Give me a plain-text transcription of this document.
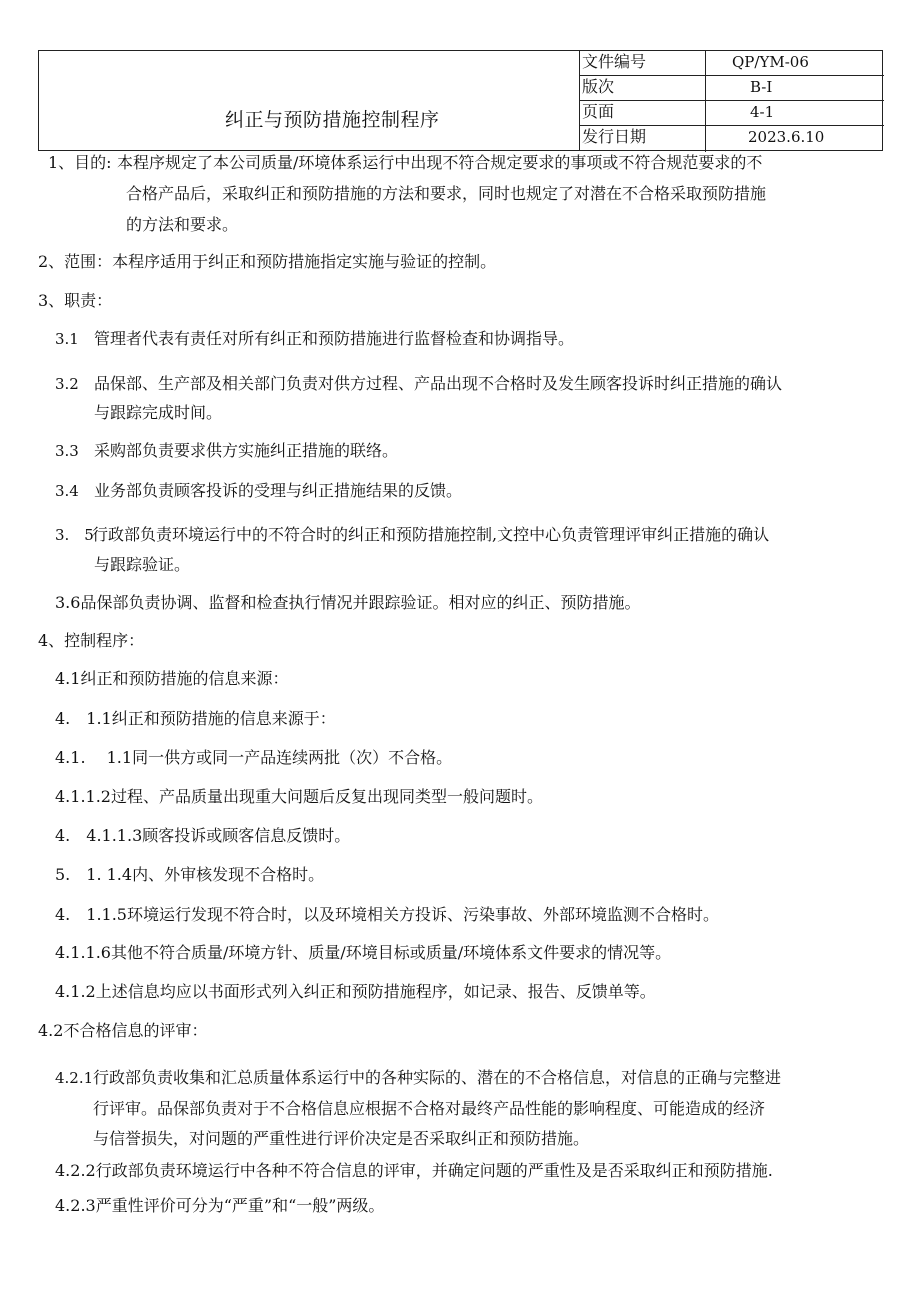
纠正与预防措施控制程序
文件编号	QP/YM-06
版次	B-I
页面	4-1
发行日期	2023.6.10
1、目的: 本程序规定了本公司质量/环境体系运行中出现不符合规定要求的事项或不符合规范要求的不
合格产品后，采取纠正和预防措施的方法和要求，同时也规定了对潜在不合格采取预防措施
的方法和要求。
2、范围：本程序适用于纠正和预防措施指定实施与验证的控制。
3、职责：
3.1 管理者代表有责任对所有纠正和预防措施进行监督检查和协调指导。
3.2 品保部、生产部及相关部门负责对供方过程、产品出现不合格时及发生顾客投诉时纠正措施的确认
与跟踪完成时间。
3.3 采购部负责要求供方实施纠正措施的联络。
3.4 业务部负责顾客投诉的受理与纠正措施结果的反馈。
3.　5
行政部负责环境运行中的不符合时的纠正和预防措施控制,文控中心负责管理评审纠正措施的确认
与跟踪验证。
3.6品保部负责协调、监督和检查执行情况并跟踪验证。相对应的纠正、预防措施。
4、控制程序：
4.1纠正和预防措施的信息来源：
4.　1.1纠正和预防措施的信息来源于：
4.1.　 1.1同一供方或同一产品连续两批（次）不合格。
4.1.1.2过程、产品质量出现重大问题后反复出现同类型一般问题时。
4.　4.1.1.3顾客投诉或顾客信息反馈时。
5.　1. 1.4内、外审核发现不合格时。
4.　1.1.5环境运行发现不符合时，以及环境相关方投诉、污染事故、外部环境监测不合格时。
4.1.1.6其他不符合质量/环境方针、质量/环境目标或质量/环境体系文件要求的情况等。
4.1.2上述信息均应以书面形式列入纠正和预防措施程序，如记录、报告、反馈单等。
4.2不合格信息的评审：
4.2.1 行政部负责收集和汇总质量体系运行中的各种实际的、潜在的不合格信息，对信息的正确与完整进
行评审。品保部负责对于不合格信息应根据不合格对最终产品性能的影响程度、可能造成的经济
与信誉损失，对问题的严重性进行评价决定是否采取纠正和预防措施。
4.2.2行政部负责环境运行中各种不符合信息的评审，并确定问题的严重性及是否采取纠正和预防措施.
4.2.3严重性评价可分为“严重”和“一般”两级。
